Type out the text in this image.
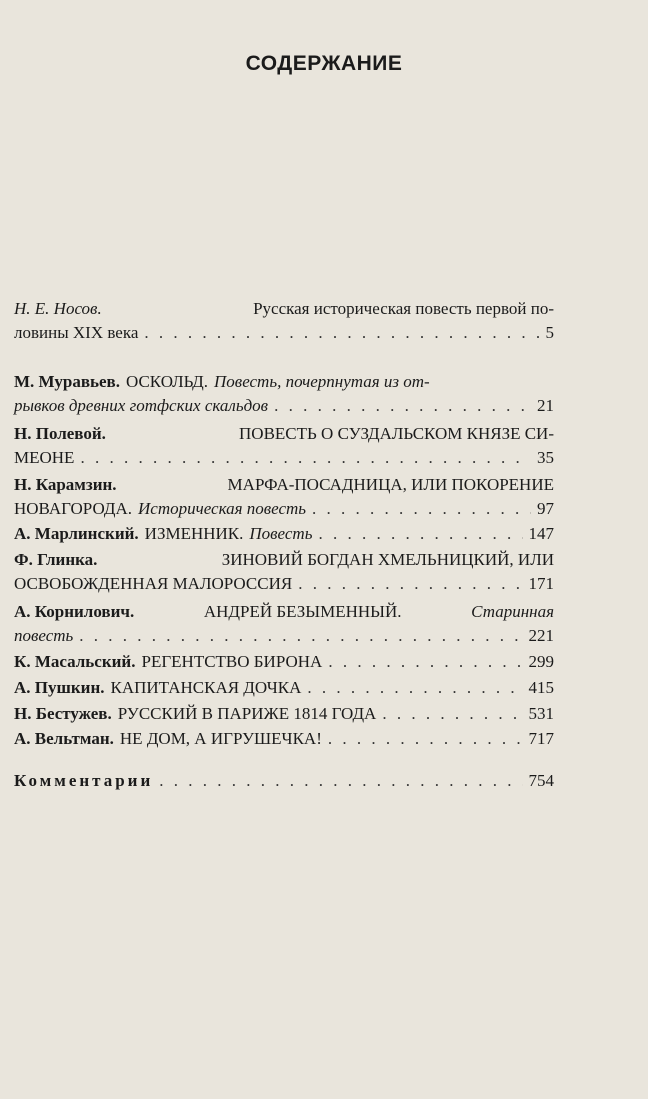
СОДЕРЖАНИЕ
Н. Е. Носов.	Русская историческая повесть первой по-
ловины XIX века . . .	5
М. Муравьев. ОСКОЛЬД. Повесть, почерпнутая из от-
рывков древних готфских скальдов . . .	21
Н. Полевой.	ПОВЕСТЬ О СУЗДАЛЬСКОМ КНЯЗЕ СИ-
МЕОНЕ . . .	35
Н. Карамзин.	МАРФА-ПОСАДНИЦА, ИЛИ ПОКОРЕНИЕ
НОВАГОРОДА. Историческая повесть . . .	97
А. Марлинский. ИЗМЕННИК. Повесть . . .	147
Ф. Глинка.	ЗИНОВИЙ БОГДАН ХМЕЛЬНИЦКИЙ, ИЛИ
ОСВОБОЖДЕННАЯ МАЛОРОССИЯ . . .	171
А. Корнилович.	АНДРЕЙ БЕЗЫМЕННЫЙ.	Старинная
повесть . . .	221
К. Масальский. РЕГЕНТСТВО БИРОНА . . .	299
А. Пушкин. КАПИТАНСКАЯ ДОЧКА . . .	415
Н. Бестужев. РУССКИЙ В ПАРИЖЕ 1814 ГОДА . . .	531
А. Вельтман. НЕ ДОМ, А ИГРУШЕЧКА! . . .	717
Комментарии . . .	754
